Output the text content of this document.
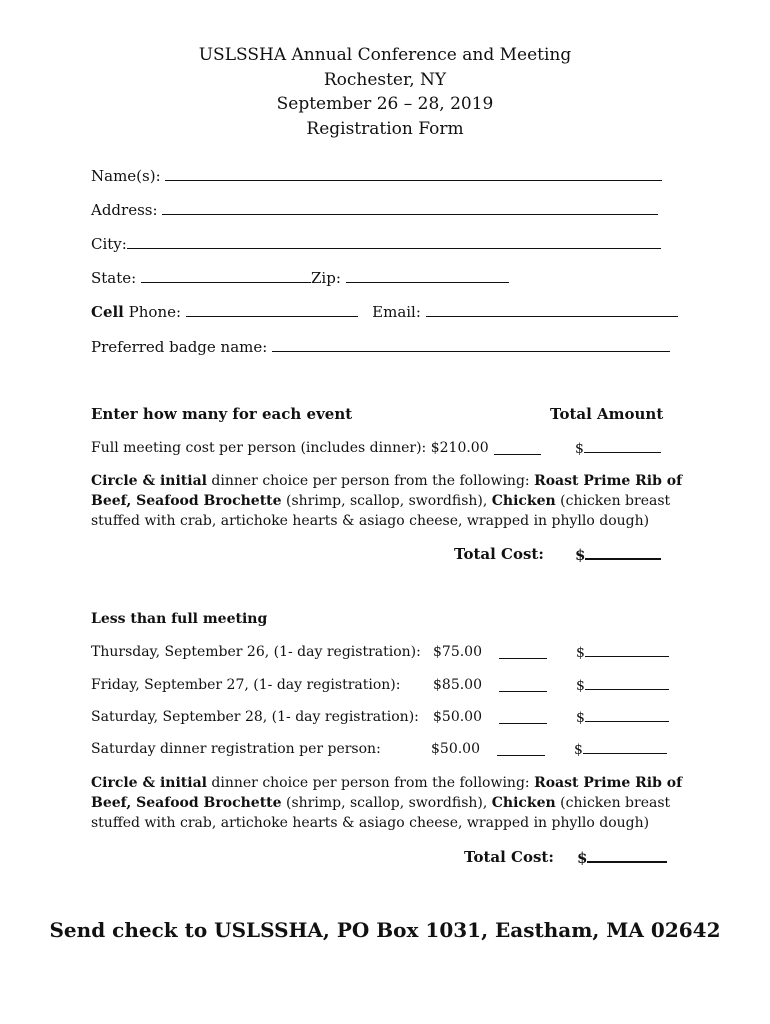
USLSSHA Annual Conference and Meeting
Rochester, NY
September 26 – 28, 2019
Registration Form
Name(s):
Address:
City:
State:	Zip:
Cell Phone:	Email:
Preferred badge name:
Enter how many for each event	Total Amount
Full meeting cost per person (includes dinner): $210.00	$
Circle & initial dinner choice per person from the following: Roast Prime Rib of Beef, Seafood Brochette (shrimp, scallop, swordfish), Chicken (chicken breast stuffed with crab, artichoke hearts & asiago cheese, wrapped in phyllo dough)
Total Cost: $
Less than full meeting
Thursday, September 26, (1- day registration): $75.00	$
Friday, September 27, (1- day registration): $85.00	$
Saturday, September 28, (1- day registration): $50.00	$
Saturday dinner registration per person:	$50.00	$
Circle & initial dinner choice per person from the following: Roast Prime Rib of Beef, Seafood Brochette (shrimp, scallop, swordfish), Chicken (chicken breast stuffed with crab, artichoke hearts & asiago cheese, wrapped in phyllo dough)
Total Cost: $
Send check to USLSSHA, PO Box 1031, Eastham, MA 02642
